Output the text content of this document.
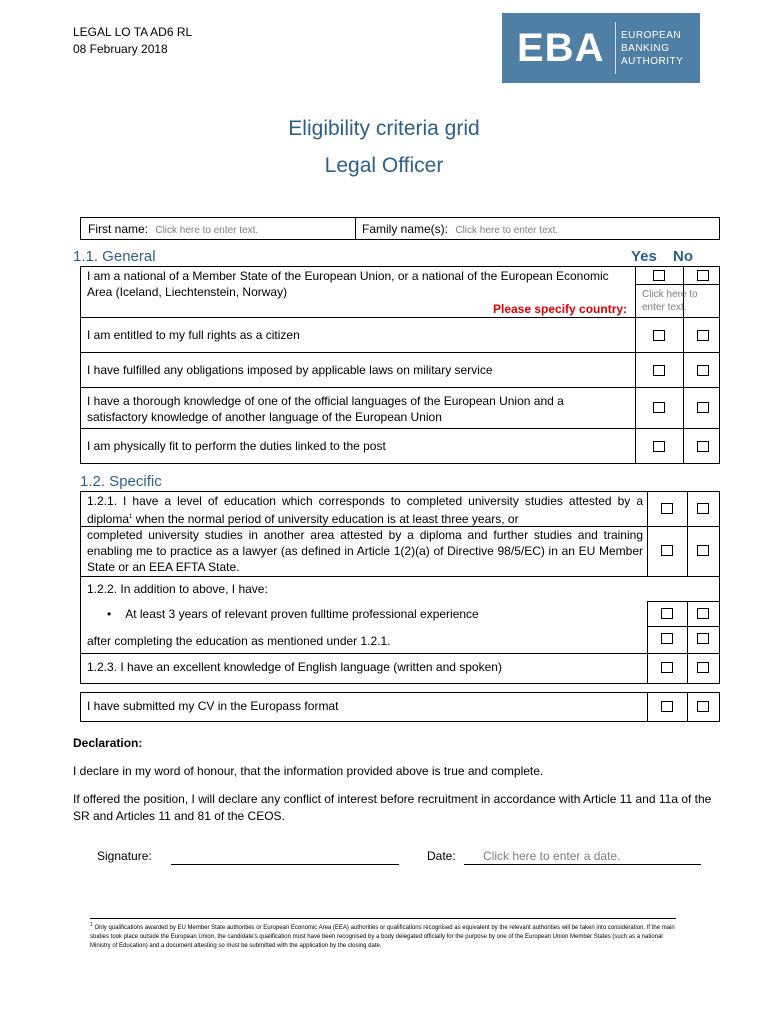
LEGAL LO TA AD6 RL
08 February 2018	EBA	EUROPEAN
BANKING
AUTHORITY
Eligibility criteria grid
Legal Officer
First name: Click here to enter text.	Family name(s): Click here to enter text.
1.1. General	Yes No
I am a national of a Member State of the European Union, or a national of the European Economic Area (Iceland, Liechtenstein, Norway)
Please specify country:
Click here to enter text.
I am entitled to my full rights as a citizen
I have fulfilled any obligations imposed by applicable laws on military service
I have a thorough knowledge of one of the official languages of the European Union and a satisfactory knowledge of another language of the European Union
I am physically fit to perform the duties linked to the post
1.2. Specific
1.2.1. I have a level of education which corresponds to completed university studies attested by a diploma$^1$ when the normal period of university education is at least three years, or
completed university studies in another area attested by a diploma and further studies and training enabling me to practice as a lawyer (as defined in Article 1(2)(a) of Directive 98/5/EC) in an EU Member State or an EEA EFTA State.
1.2.2. In addition to above, I have:
• At least 3 years of relevant proven fulltime professional experience
after completing the education as mentioned under 1.2.1.
1.2.3. I have an excellent knowledge of English language (written and spoken)
I have submitted my CV in the Europass format
Declaration:
I declare in my word of honour, that the information provided above is true and complete.
If offered the position, I will declare any conflict of interest before recruitment in accordance with Article 11 and 11a of the SR and Articles 11 and 81 of the CEOS.
Signature:	Date: Click here to enter a date.
$^1$ Only qualifications awarded by EU Member State authorities or European Economic Area (EEA) authorities or qualifications recognised as equivalent by the relevant authorities will be taken into consideration. If the main studies took place outside the European Union, the candidate's qualification must have been recognised by a body delegated officially for the purpose by one of the European Union Member States (such as a national Ministry of Education) and a document attesting so must be submitted with the application by the closing date.
